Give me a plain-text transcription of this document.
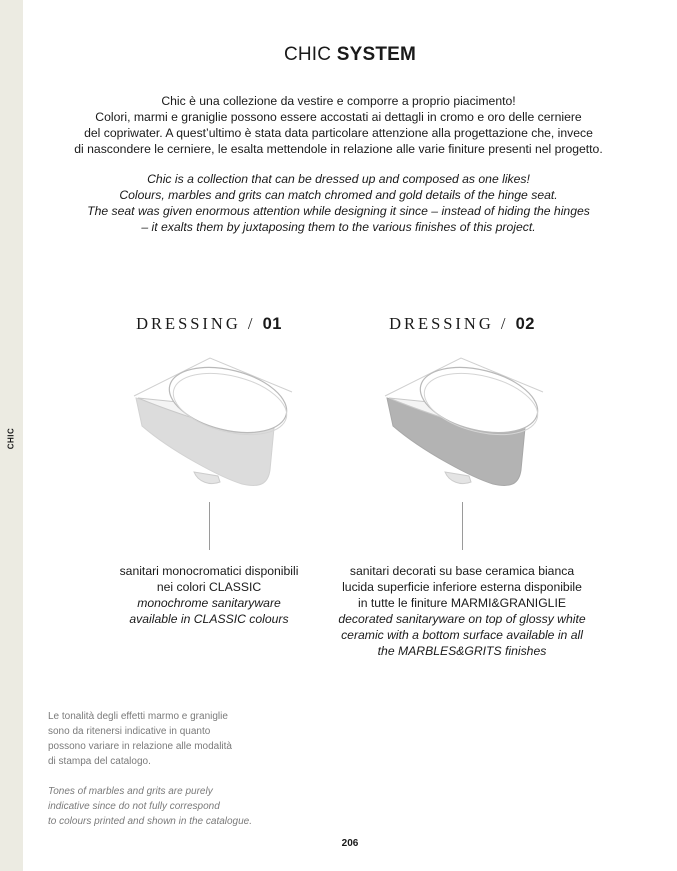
CHIC
CHIC SYSTEM
Chic è una collezione da vestire e comporre a proprio piacimento!
Colori, marmi e graniglie possono essere accostati ai dettagli in cromo e oro delle cerniere
del copriwater. A quest’ultimo è stata data particolare attenzione alla progettazione che, invece
di nascondere le cerniere, le esalta mettendole in relazione alle varie finiture presenti nel progetto.
Chic is a collection that can be dressed up and composed as one likes!
Colours, marbles and grits can match chromed and gold details of the hinge seat.
The seat was given enormous attention while designing it since – instead of hiding the hinges
– it exalts them by juxtaposing them to the various finishes of this project.
DRESSING / 01
sanitari monocromatici disponibili
nei colori CLASSIC
monochrome sanitaryware
available in CLASSIC colours
DRESSING / 02
sanitari decorati su base ceramica bianca
lucida superficie inferiore esterna disponibile
in tutte le finiture MARMI&GRANIGLIE
decorated sanitaryware on top of glossy white
ceramic with a bottom surface available in all
the MARBLES&GRITS finishes
Le tonalità degli effetti marmo e graniglie
sono da ritenersi indicative in quanto
possono variare in relazione alle modalità
di stampa del catalogo.
Tones of marbles and grits are purely
indicative since do not fully correspond
to colours printed and shown in the catalogue.
206
